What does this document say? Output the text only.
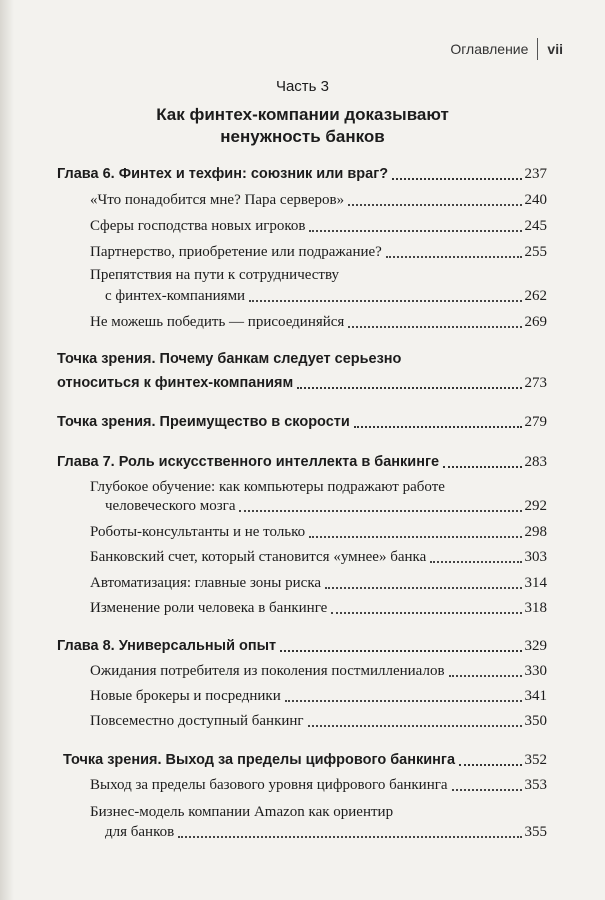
Оглавление vii
Часть 3
Как финтех-компании доказывают ненужность банков
Глава 6. Финтех и техфин: союзник или враг?	237
«Что понадобится мне? Пара серверов»	240
Сферы господства новых игроков	245
Партнерство, приобретение или подражание?	255
Препятствия на пути к сотрудничеству
с финтех-компаниями	262
Не можешь победить — присоединяйся	269
Точка зрения. Почему банкам следует серьезно
относиться к финтех-компаниям	273
Точка зрения. Преимущество в скорости	279
Глава 7. Роль искусственного интеллекта в банкинге	283
Глубокое обучение: как компьютеры подражают работе
человеческого мозга	292
Роботы-консультанты и не только	298
Банковский счет, который становится «умнее» банка	303
Автоматизация: главные зоны риска	314
Изменение роли человека в банкинге	318
Глава 8. Универсальный опыт	329
Ожидания потребителя из поколения постмиллениалов	330
Новые брокеры и посредники	341
Повсеместно доступный банкинг	350
Точка зрения. Выход за пределы цифрового банкинга	352
Выход за пределы базового уровня цифрового банкинга	353
Бизнес-модель компании Amazon как ориентир
для банков	355
